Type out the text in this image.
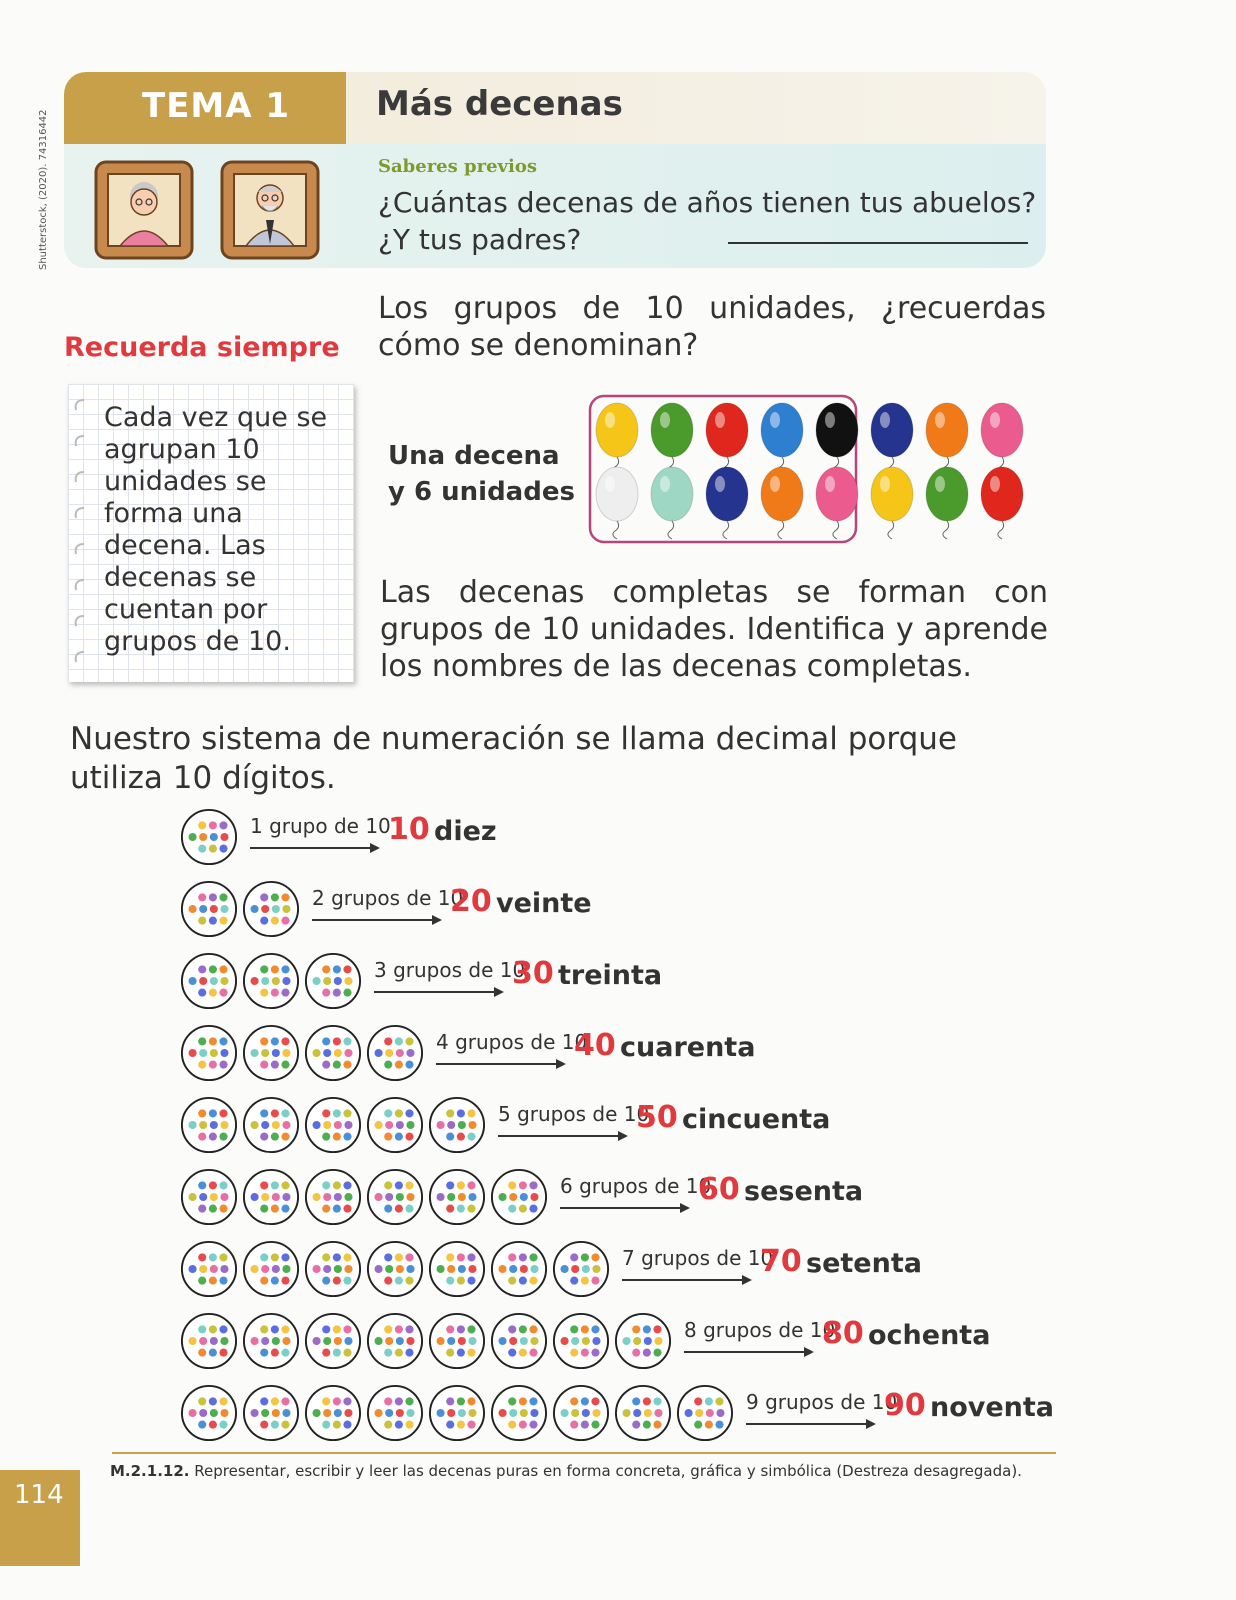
Shutterstock, (2020). 74316442
TEMA 1	Más decenas
Saberes previos
¿Cuántas decenas de años tienen tus abuelos?¿Y tus padres?
Recuerda siempre
Cada vez que se agrupan 10 unidades se forma una decena. Las decenas se cuentan por grupos de 10.
Los grupos de 10 unidades, ¿recuerdas cómo se denominan?
Una decena
y 6 unidades
Las decenas completas se forman con grupos de 10 unidades. Identifica y aprende los nombres de las decenas completas.
Nuestro sistema de numeración se llama decimal porque utiliza 10 dígitos.
1 grupo de 10
10 diez
2 grupos de 10
20 veinte
3 grupos de 10
30 treinta
4 grupos de 10
40 cuarenta
5 grupos de 10
50 cincuenta
6 grupos de 10
60 sesenta
7 grupos de 10
70 setenta
8 grupos de 10
80 ochenta
9 grupos de 10
90 noventa
M.2.1.12. Representar, escribir y leer las decenas puras en forma concreta, gráfica y simbólica (Destreza desagregada).
114
